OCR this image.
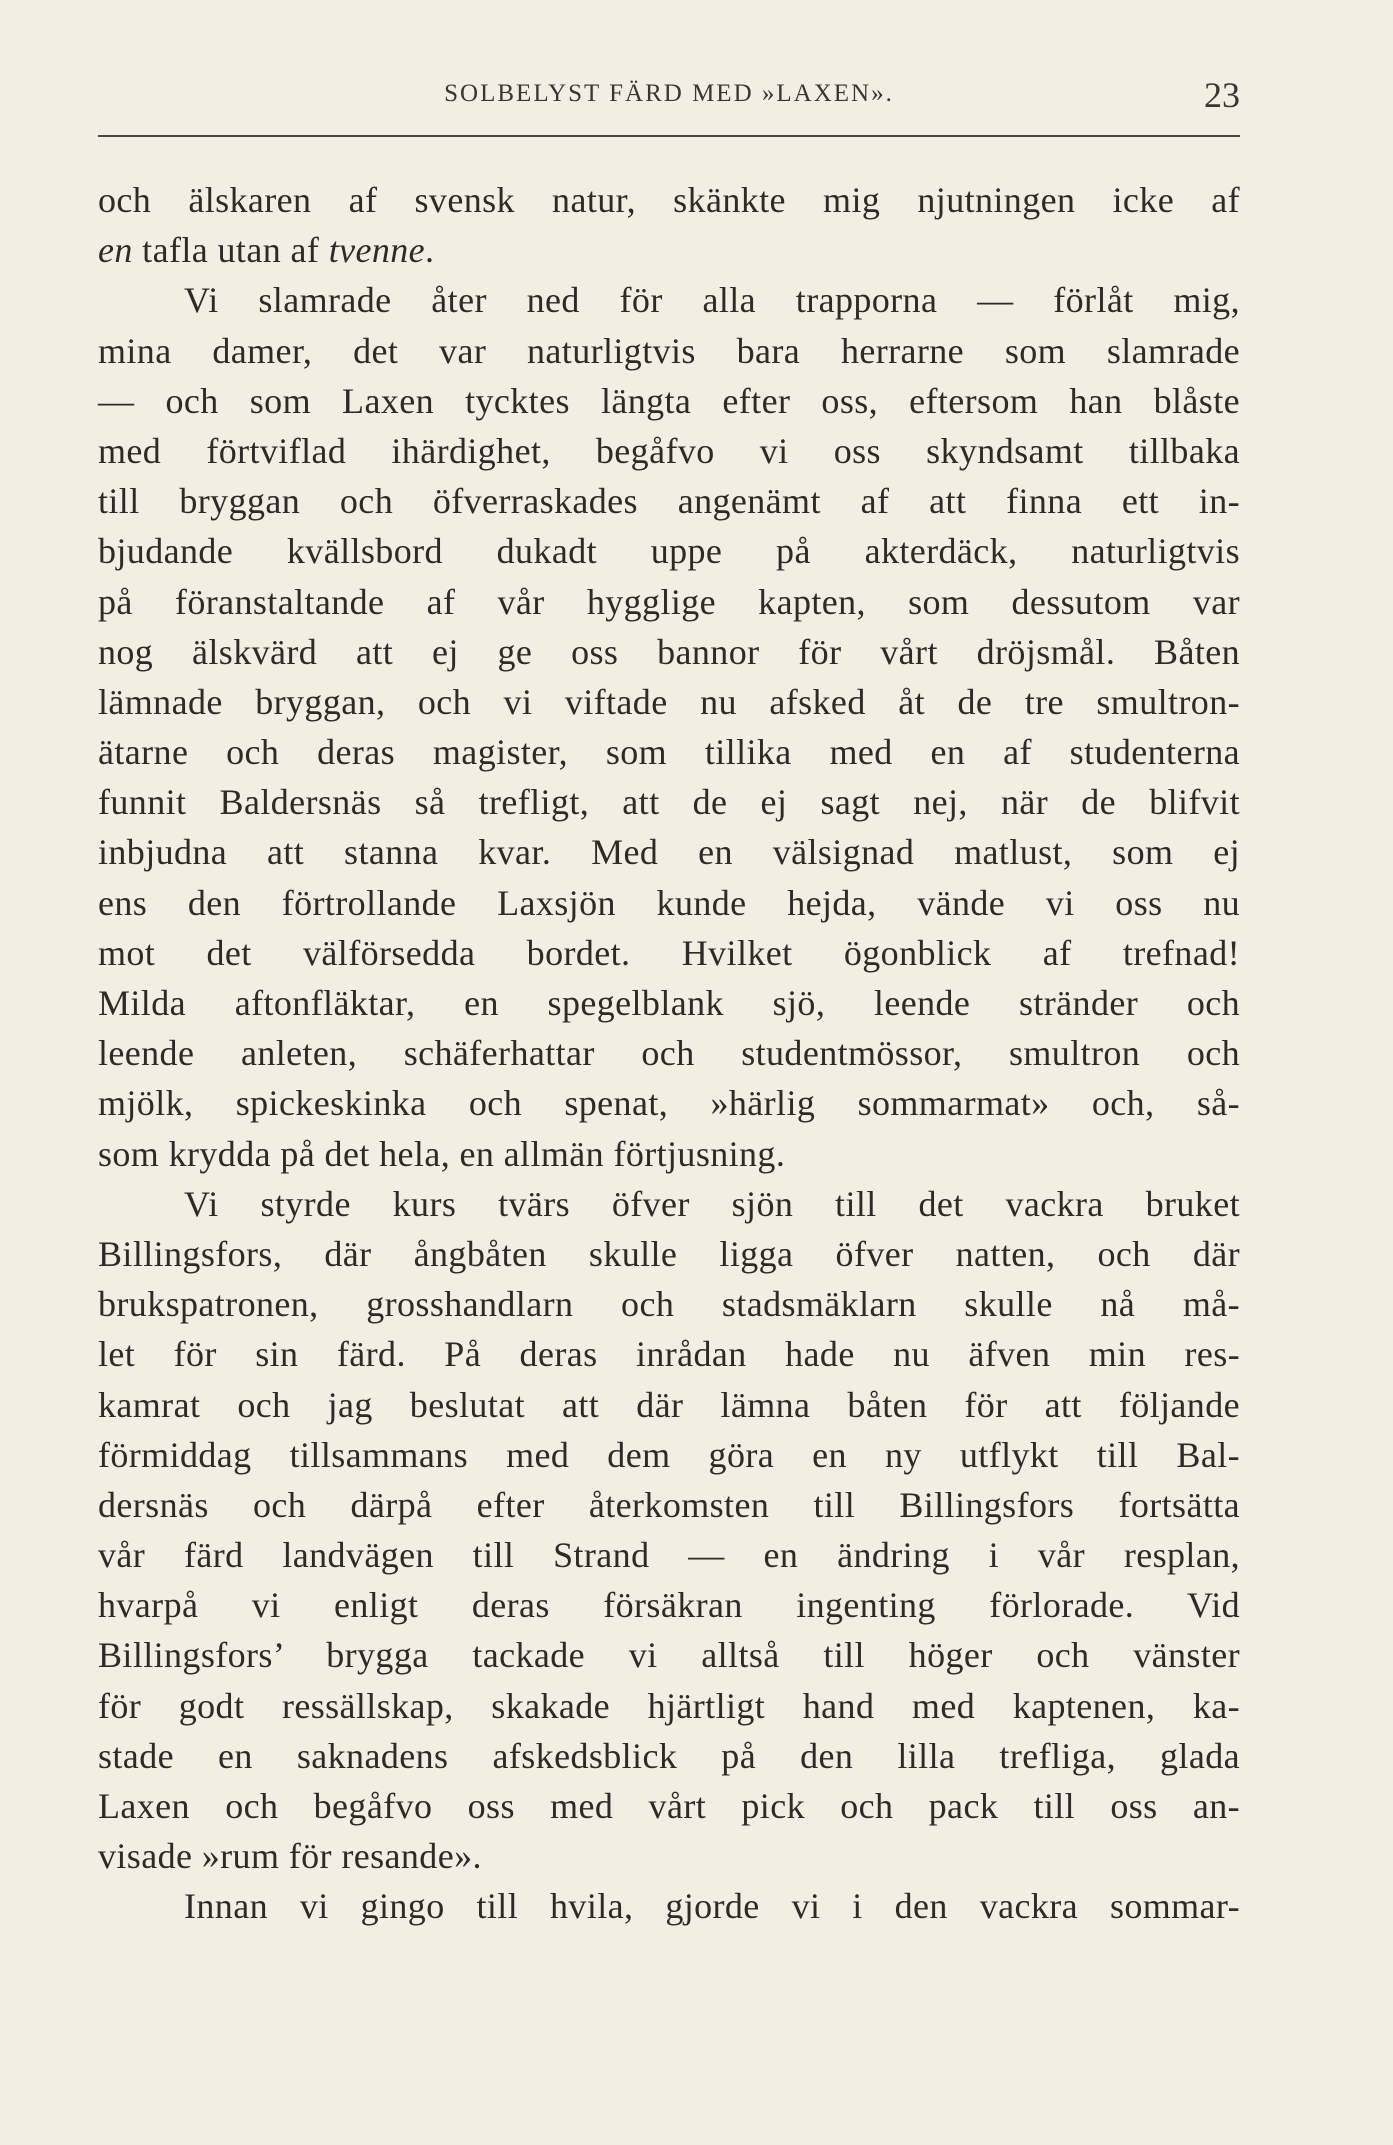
SOLBELYST FÄRD MED »LAXEN».	23
och älskaren af svensk natur, skänkte mig njutningen icke af
en tafla utan af tvenne.
Vi slamrade åter ned för alla trapporna — förlåt mig,
mina damer, det var naturligtvis bara herrarne som slamrade
— och som Laxen tycktes längta efter oss, eftersom han blåste
med förtviflad ihärdighet, begåfvo vi oss skyndsamt tillbaka
till bryggan och öfverraskades angenämt af att finna ett in-
bjudande kvällsbord dukadt uppe på akterdäck, naturligtvis
på föranstaltande af vår hygglige kapten, som dessutom var
nog älskvärd att ej ge oss bannor för vårt dröjsmål. Båten
lämnade bryggan, och vi viftade nu afsked åt de tre smultron-
ätarne och deras magister, som tillika med en af studenterna
funnit Baldersnäs så trefligt, att de ej sagt nej, när de blifvit
inbjudna att stanna kvar. Med en välsignad matlust, som ej
ens den förtrollande Laxsjön kunde hejda, vände vi oss nu
mot det välförsedda bordet. Hvilket ögonblick af trefnad!
Milda aftonfläktar, en spegelblank sjö, leende stränder och
leende anleten, schäferhattar och studentmössor, smultron och
mjölk, spickeskinka och spenat, »härlig sommarmat» och, så-
som krydda på det hela, en allmän förtjusning.
Vi styrde kurs tvärs öfver sjön till det vackra bruket
Billingsfors, där ångbåten skulle ligga öfver natten, och där
brukspatronen, grosshandlarn och stadsmäklarn skulle nå må-
let för sin färd. På deras inrådan hade nu äfven min res-
kamrat och jag beslutat att där lämna båten för att följande
förmiddag tillsammans med dem göra en ny utflykt till Bal-
dersnäs och därpå efter återkomsten till Billingsfors fortsätta
vår färd landvägen till Strand — en ändring i vår resplan,
hvarpå vi enligt deras försäkran ingenting förlorade. Vid
Billingsfors’ brygga tackade vi alltså till höger och vänster
för godt ressällskap, skakade hjärtligt hand med kaptenen, ka-
stade en saknadens afskedsblick på den lilla trefliga, glada
Laxen och begåfvo oss med vårt pick och pack till oss an-
visade »rum för resande».
Innan vi gingo till hvila, gjorde vi i den vackra sommar-
